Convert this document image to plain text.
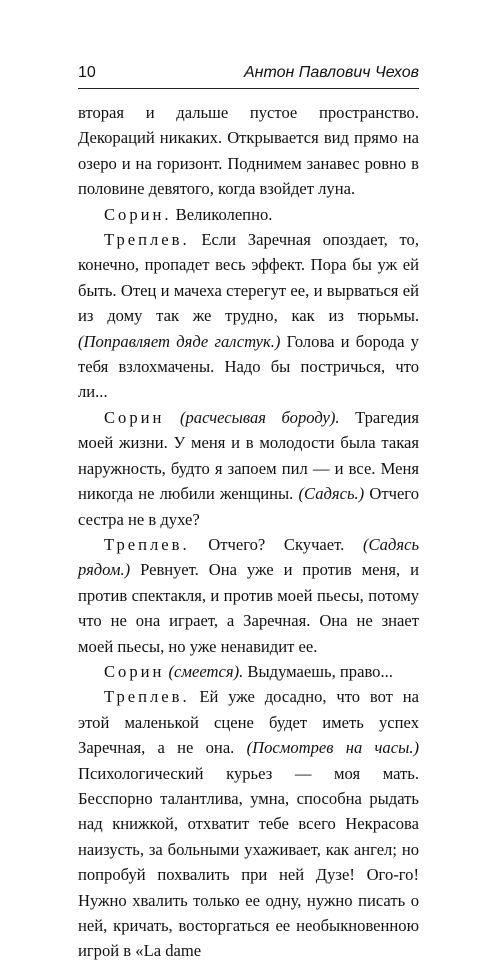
10	Антон Павлович Чехов

вторая и дальше пустое пространство. Декораций никаких. Открывается вид прямо на озеро и на горизонт. Поднимем занавес ровно в половине девятого, когда взойдет луна.

Сорин. Великолепно.

Треплев. Если Заречная опоздает, то, конечно, пропадет весь эффект. Пора бы уж ей быть. Отец и мачеха стерегут ее, и вырваться ей из дому так же трудно, как из тюрьмы. (Поправляет дяде галстук.) Голова и борода у тебя взлохмачены. Надо бы постричься, что ли...

Сорин (расчесывая бороду). Трагедия моей жизни. У меня и в молодости была такая наружность, будто я запоем пил — и все. Меня никогда не любили женщины. (Садясь.) Отчего сестра не в духе?

Треплев. Отчего? Скучает. (Садясь рядом.) Ревнует. Она уже и против меня, и против спектакля, и против моей пьесы, потому что не она играет, а Заречная. Она не знает моей пьесы, но уже ненавидит ее.

Сорин (смеется). Выдумаешь, право...

Треплев. Ей уже досадно, что вот на этой маленькой сцене будет иметь успех Заречная, а не она. (Посмотрев на часы.) Психологический курьез — моя мать. Бесспорно талантлива, умна, способна рыдать над книжкой, отхватит тебе всего Некрасова наизусть, за больными ухаживает, как ангел; но попробуй похвалить при ней Дузе! Ого-го! Нужно хвалить только ее одну, нужно писать о ней, кричать, восторгаться ее необыкновенною игрой в «La dame
